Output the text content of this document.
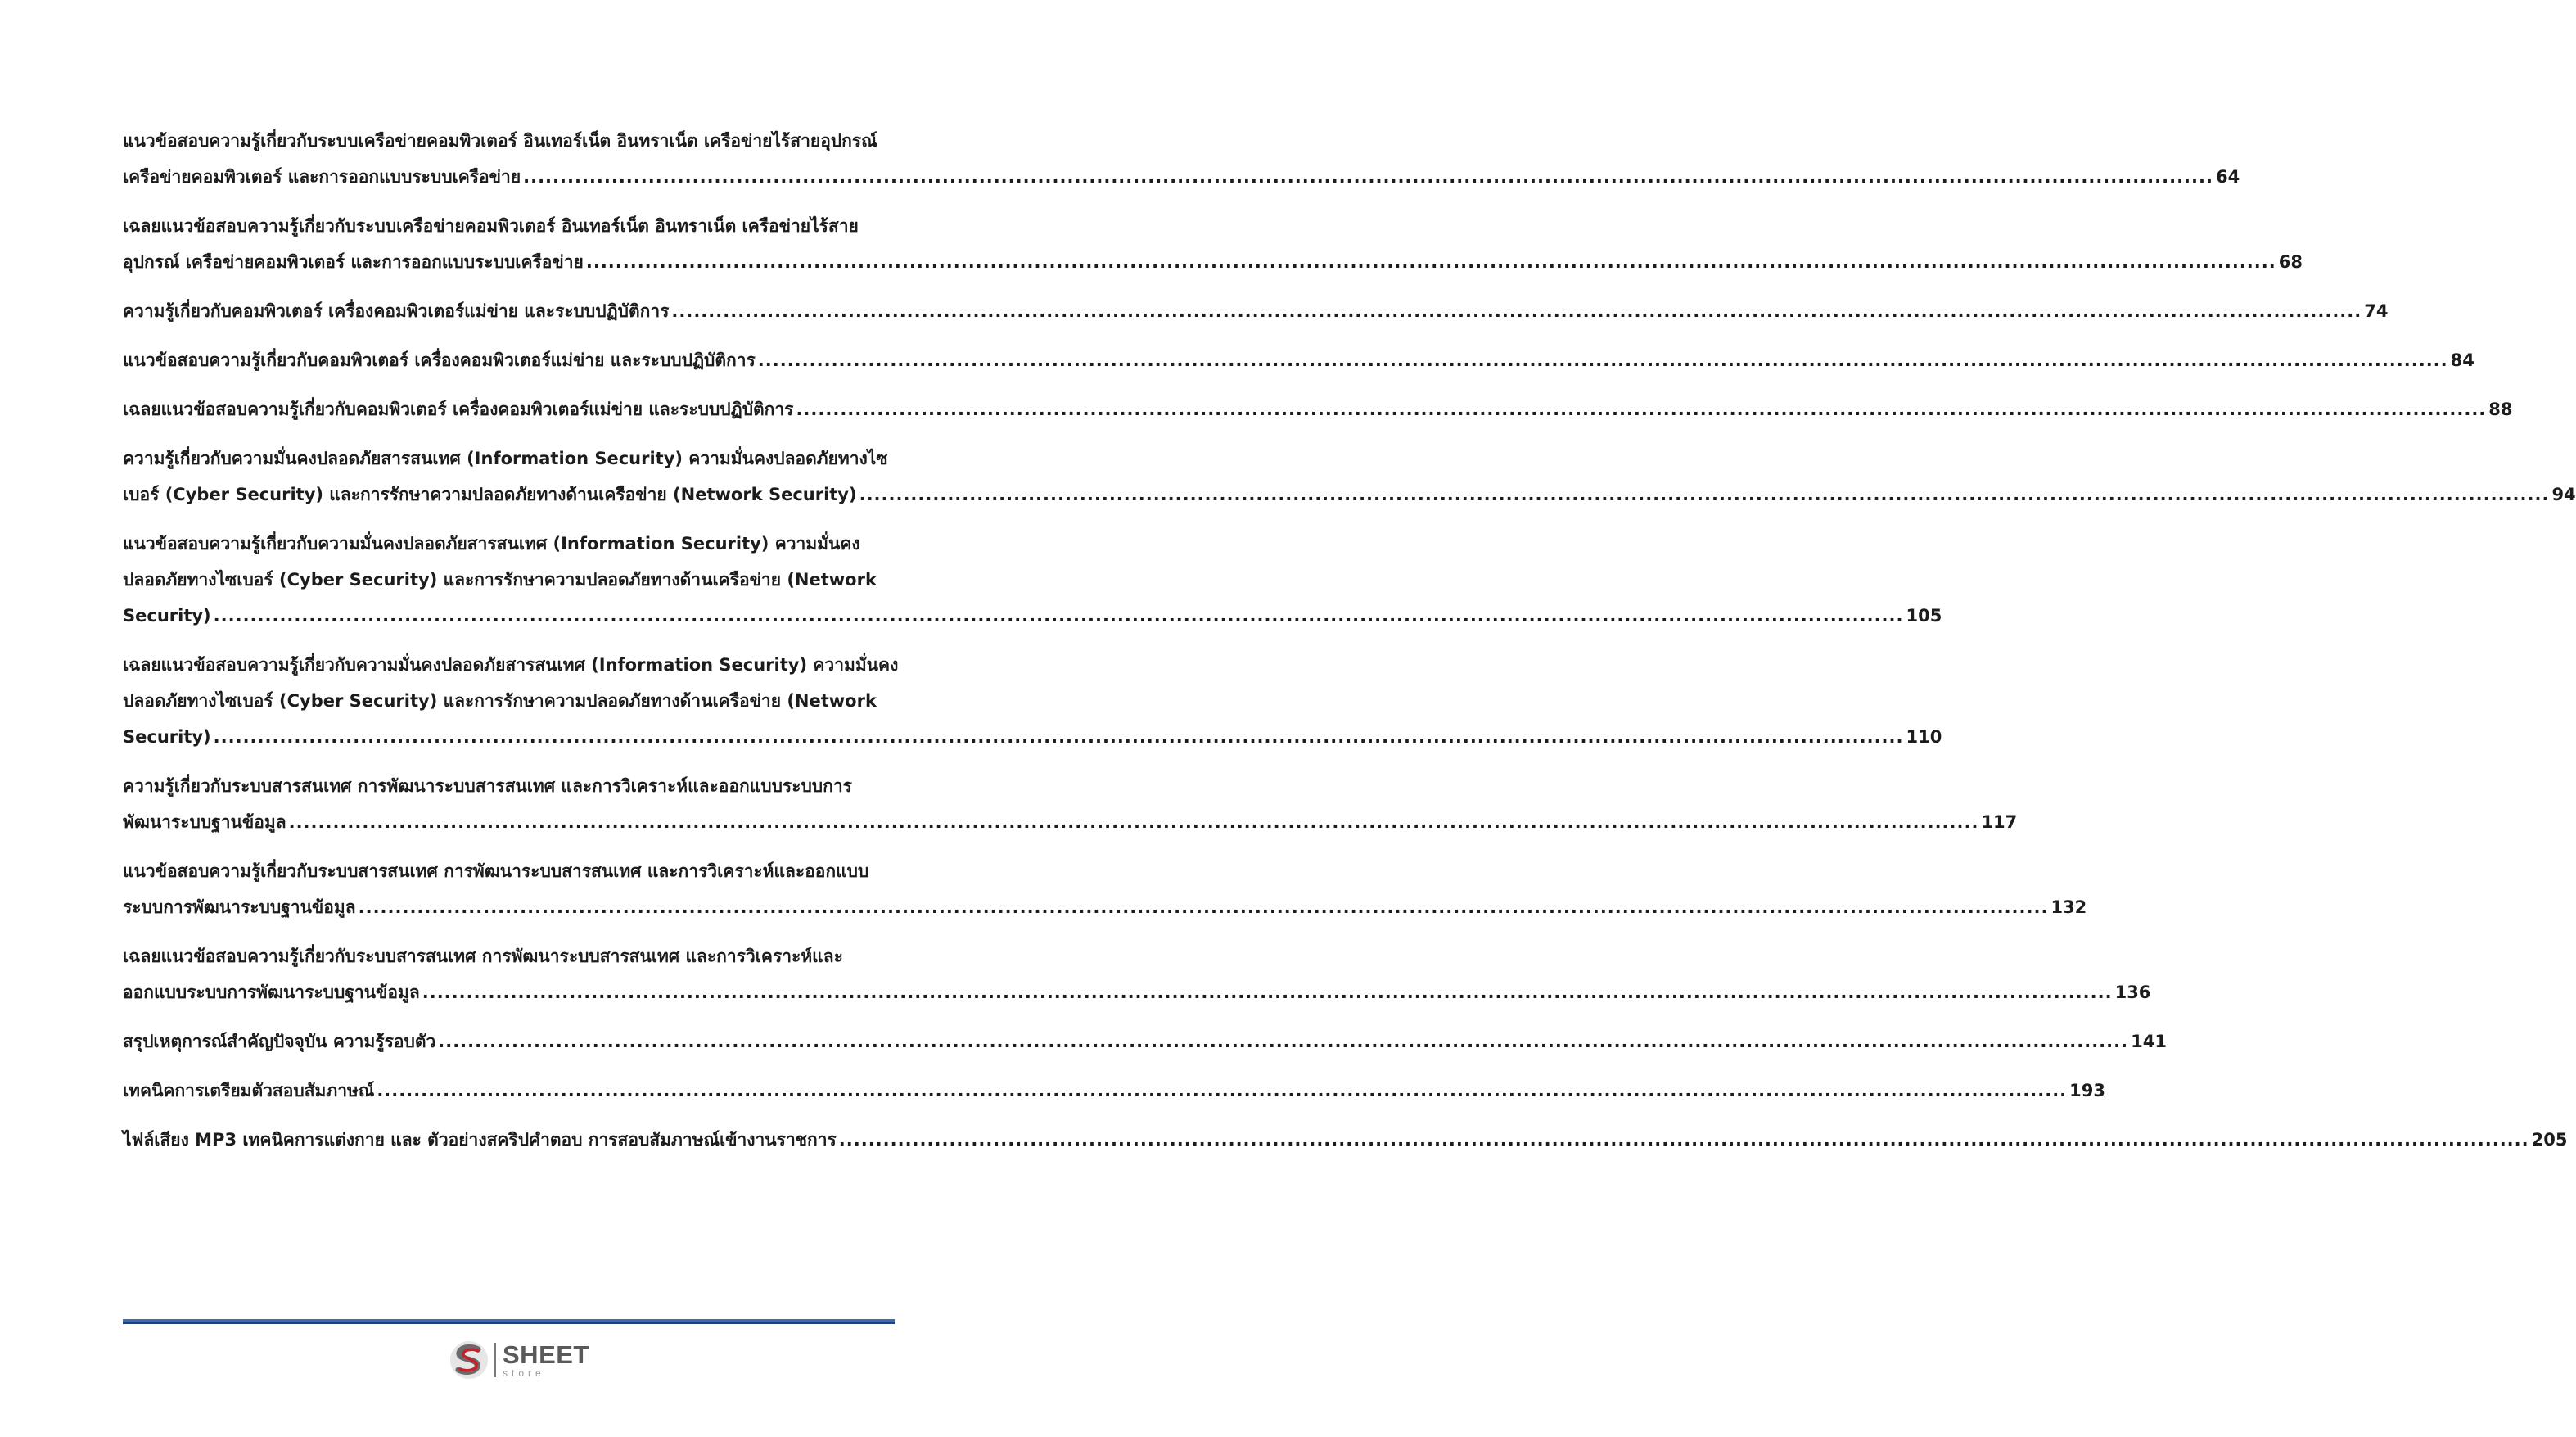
แนวข้อสอบความรู้เกี่ยวกับระบบเครือข่ายคอมพิวเตอร์ อินเทอร์เน็ต อินทราเน็ต เครือข่ายไร้สายอุปกรณ์
เครือข่ายคอมพิวเตอร์ และการออกแบบระบบเครือข่าย .....	64
เฉลยแนวข้อสอบความรู้เกี่ยวกับระบบเครือข่ายคอมพิวเตอร์ อินเทอร์เน็ต อินทราเน็ต เครือข่ายไร้สาย
อุปกรณ์ เครือข่ายคอมพิวเตอร์ และการออกแบบระบบเครือข่าย .....	68
ความรู้เกี่ยวกับคอมพิวเตอร์ เครื่องคอมพิวเตอร์แม่ข่าย และระบบปฏิบัติการ .....	74
แนวข้อสอบความรู้เกี่ยวกับคอมพิวเตอร์ เครื่องคอมพิวเตอร์แม่ข่าย และระบบปฏิบัติการ .....	84
เฉลยแนวข้อสอบความรู้เกี่ยวกับคอมพิวเตอร์ เครื่องคอมพิวเตอร์แม่ข่าย และระบบปฏิบัติการ .....	88
ความรู้เกี่ยวกับความมั่นคงปลอดภัยสารสนเทศ (Information Security) ความมั่นคงปลอดภัยทางไซ
เบอร์ (Cyber Security) และการรักษาความปลอดภัยทางด้านเครือข่าย (Network Security) .....	94
แนวข้อสอบความรู้เกี่ยวกับความมั่นคงปลอดภัยสารสนเทศ (Information Security) ความมั่นคง
ปลอดภัยทางไซเบอร์ (Cyber Security) และการรักษาความปลอดภัยทางด้านเครือข่าย (Network
Security) .....	105
เฉลยแนวข้อสอบความรู้เกี่ยวกับความมั่นคงปลอดภัยสารสนเทศ (Information Security) ความมั่นคง
ปลอดภัยทางไซเบอร์ (Cyber Security) และการรักษาความปลอดภัยทางด้านเครือข่าย (Network
Security) .....	110
ความรู้เกี่ยวกับระบบสารสนเทศ การพัฒนาระบบสารสนเทศ และการวิเคราะห์และออกแบบระบบการ
พัฒนาระบบฐานข้อมูล .....	117
แนวข้อสอบความรู้เกี่ยวกับระบบสารสนเทศ การพัฒนาระบบสารสนเทศ และการวิเคราะห์และออกแบบ
ระบบการพัฒนาระบบฐานข้อมูล .....	132
เฉลยแนวข้อสอบความรู้เกี่ยวกับระบบสารสนเทศ การพัฒนาระบบสารสนเทศ และการวิเคราะห์และ
ออกแบบระบบการพัฒนาระบบฐานข้อมูล .....	136
สรุปเหตุการณ์สำคัญปัจจุบัน ความรู้รอบตัว .....	141
เทคนิคการเตรียมตัวสอบสัมภาษณ์ .....	193
ไฟล์เสียง MP3 เทคนิคการแต่งกาย และ ตัวอย่างสคริปคำตอบ การสอบสัมภาษณ์เข้างานราชการ .....	205
SHEET
store
